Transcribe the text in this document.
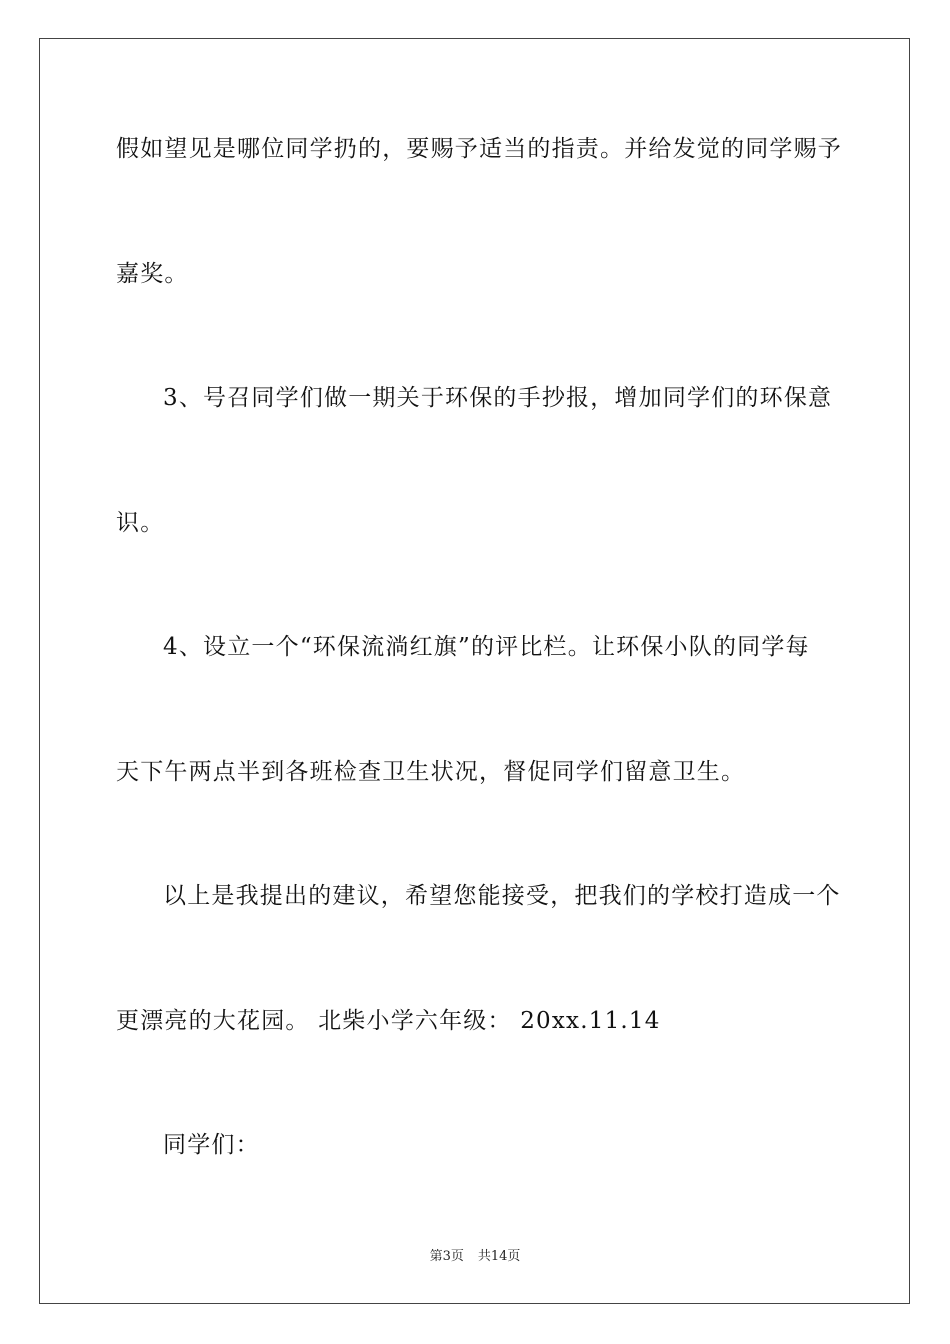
假如望见是哪位同学扔的，要赐予适当的指责。并给发觉的同学赐予
嘉奖。
3、号召同学们做一期关于环保的手抄报，增加同学们的环保意
识。
4、设立一个“环保流淌红旗”的评比栏。让环保小队的同学每
天下午两点半到各班检查卫生状况，督促同学们留意卫生。
以上是我提出的建议，希望您能接受，把我们的学校打造成一个
更漂亮的大花园。 北柴小学六年级： 20xx.11.14
同学们：
第3页 共14页
